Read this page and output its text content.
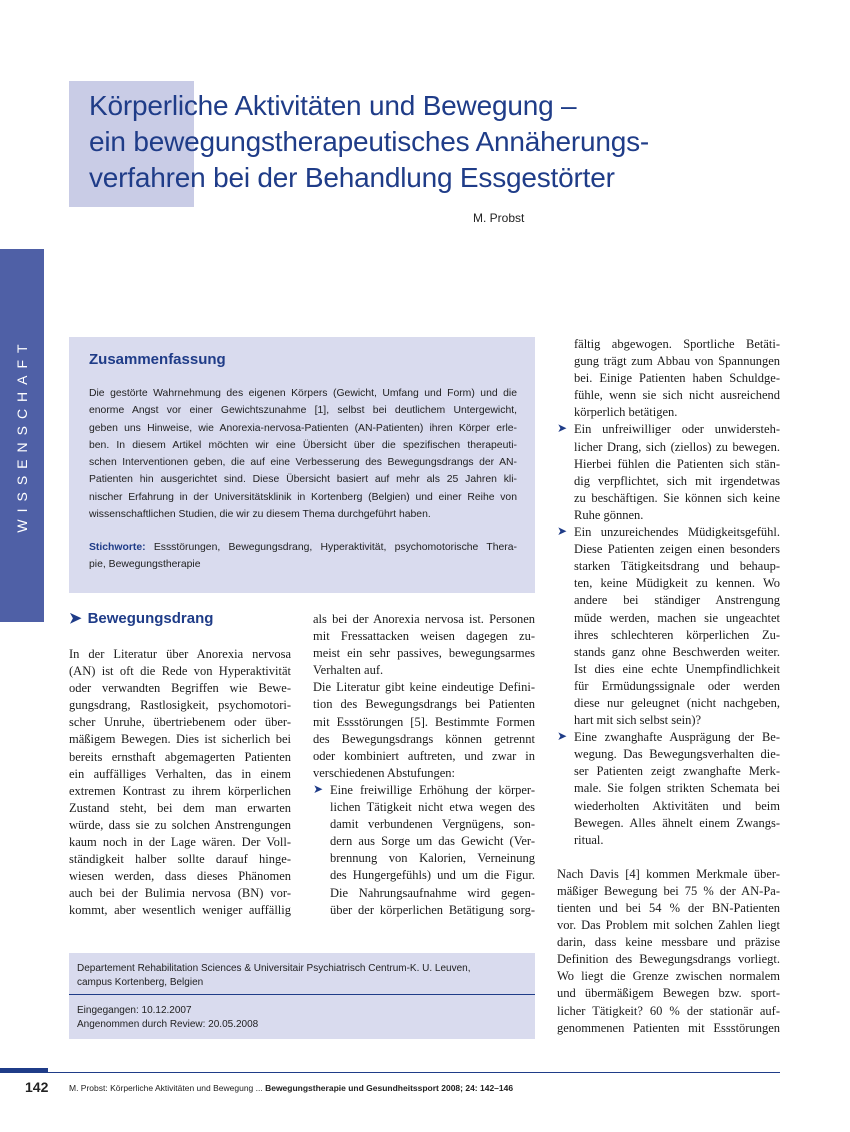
Körperliche Aktivitäten und Bewegung –
ein bewegungstherapeutisches Annäherungs-
verfahren bei der Behandlung Essgestörter
M. Probst
WISSENSCHAFT	Zusammenfassung
Die gestörte Wahrnehmung des eigenen Körpers (Gewicht, Umfang und Form) und die
enorme Angst vor einer Gewichtszunahme [1], selbst bei deutlichem Untergewicht,
geben uns Hinweise, wie Anorexia-nervosa-Patienten (AN-Patienten) ihren Körper erle-
ben. In diesem Artikel möchten wir eine Übersicht über die spezifischen therapeuti-
schen Interventionen geben, die auf eine Verbesserung des Bewegungsdrangs der AN-
Patienten hin ausgerichtet sind. Diese Übersicht basiert auf mehr als 25 Jahren kli-
nischer Erfahrung in der Universitätsklinik in Kortenberg (Belgien) und einer Reihe von
wissenschaftlichen Studien, die wir zu diesem Thema durchgeführt haben.
Stichworte: Essstörungen, Bewegungsdrang, Hyperaktivität, psychomotorische Thera-
pie, Bewegungstherapie
➤ Bewegungsdrang
In der Literatur über Anorexia nervosa
(AN) ist oft die Rede von Hyperaktivität
oder verwandten Begriffen wie Bewe-
gungsdrang, Rastlosigkeit, psychomotori-
scher Unruhe, übertriebenem oder über-
mäßigem Bewegen. Dies ist sicherlich bei
bereits ernsthaft abgemagerten Patienten
ein auffälliges Verhalten, das in einem
extremen Kontrast zu ihrem körperlichen
Zustand steht, bei dem man erwarten
würde, dass sie zu solchen Anstrengungen
kaum noch in der Lage wären. Der Voll-
ständigkeit halber sollte darauf hinge-
wiesen werden, dass dieses Phänomen
auch bei der Bulimia nervosa (BN) vor-
kommt, aber wesentlich weniger auffällig
als bei der Anorexia nervosa ist. Personen
mit Fressattacken weisen dagegen zu-
meist ein sehr passives, bewegungsarmes
Verhalten auf.
Die Literatur gibt keine eindeutige Defini-
tion des Bewegungsdrangs bei Patienten
mit Essstörungen [5]. Bestimmte Formen
des Bewegungsdrangs können getrennt
oder kombiniert auftreten, und zwar in
verschiedenen Abstufungen:
➤ Eine freiwillige Erhöhung der körper-
lichen Tätigkeit nicht etwa wegen des
damit verbundenen Vergnügens, son-
dern aus Sorge um das Gewicht (Ver-
brennung von Kalorien, Verneinung
des Hungergefühls) und um die Figur.
Die Nahrungsaufnahme wird gegen-
über der körperlichen Betätigung sorg-
fältig abgewogen. Sportliche Betäti-
gung trägt zum Abbau von Spannungen
bei. Einige Patienten haben Schuldge-
fühle, wenn sie sich nicht ausreichend
körperlich betätigen.
➤ Ein unfreiwilliger oder unwidersteh-
licher Drang, sich (ziellos) zu bewegen.
Hierbei fühlen die Patienten sich stän-
dig verpflichtet, sich mit irgendetwas
zu beschäftigen. Sie können sich keine
Ruhe gönnen.
➤ Ein unzureichendes Müdigkeitsgefühl.
Diese Patienten zeigen einen besonders
starken Tätigkeitsdrang und behaup-
ten, keine Müdigkeit zu kennen. Wo
andere bei ständiger Anstrengung
müde werden, machen sie ungeachtet
ihres schlechteren körperlichen Zu-
stands ganz ohne Beschwerden weiter.
Ist dies eine echte Unempfindlichkeit
für Ermüdungssignale oder werden
diese nur geleugnet (nicht nachgeben,
hart mit sich selbst sein)?
➤ Eine zwanghafte Ausprägung der Be-
wegung. Das Bewegungsverhalten die-
ser Patienten zeigt zwanghafte Merk-
male. Sie folgen strikten Schemata bei
wiederholten Aktivitäten und beim
Bewegen. Alles ähnelt einem Zwangs-
ritual.
Nach Davis [4] kommen Merkmale über-
mäßiger Bewegung bei 75 % der AN-Pa-
tienten und bei 54 % der BN-Patienten
vor. Das Problem mit solchen Zahlen liegt
darin, dass keine messbare und präzise
Definition des Bewegungsdrangs vorliegt.
Wo liegt die Grenze zwischen normalem
und übermäßigem Bewegen bzw. sport-
licher Tätigkeit? 60 % der stationär auf-
genommenen Patienten mit Essstörungen
Departement Rehabilitation Sciences & Universitair Psychiatrisch Centrum-K. U. Leuven,
campus Kortenberg, Belgien
Eingegangen: 10.12.2007
Angenommen durch Review: 20.05.2008
142 M. Probst: Körperliche Aktivitäten und Bewegung ... Bewegungstherapie und Gesundheitssport 2008; 24: 142–146
